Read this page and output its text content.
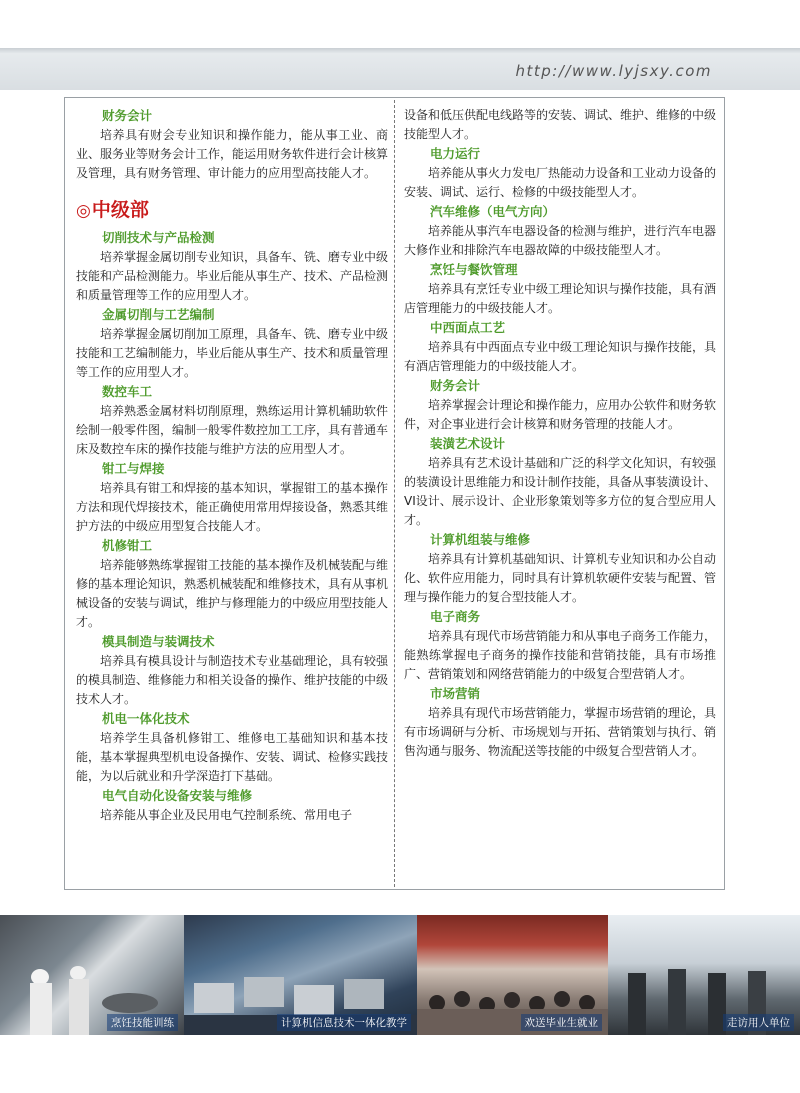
http://www.lyjsxy.com
财务会计
培养具有财会专业知识和操作能力，能从事工业、商业、服务业等财务会计工作，能运用财务软件进行会计核算及管理，具有财务管理、审计能力的应用型高技能人才。
◎中级部
切削技术与产品检测
培养掌握金属切削专业知识，具备车、铣、磨专业中级技能和产品检测能力。毕业后能从事生产、技术、产品检测和质量管理等工作的应用型人才。
金属切削与工艺编制
培养掌握金属切削加工原理，具备车、铣、磨专业中级技能和工艺编制能力，毕业后能从事生产、技术和质量管理等工作的应用型人才。
数控车工
培养熟悉金属材料切削原理，熟练运用计算机辅助软件绘制一般零件图，编制一般零件数控加工工序，具有普通车床及数控车床的操作技能与维护方法的应用型人才。
钳工与焊接
培养具有钳工和焊接的基本知识，掌握钳工的基本操作方法和现代焊接技术，能正确使用常用焊接设备，熟悉其维护方法的中级应用型复合技能人才。
机修钳工
培养能够熟练掌握钳工技能的基本操作及机械装配与维修的基本理论知识，熟悉机械装配和维修技术，具有从事机械设备的安装与调试，维护与修理能力的中级应用型技能人才。
模具制造与装调技术
培养具有模具设计与制造技术专业基础理论，具有较强的模具制造、维修能力和相关设备的操作、维护技能的中级技术人才。
机电一体化技术
培养学生具备机修钳工、维修电工基础知识和基本技能，基本掌握典型机电设备操作、安装、调试、检修实践技能，为以后就业和升学深造打下基础。
电气自动化设备安装与维修
培养能从事企业及民用电气控制系统、常用电子
设备和低压供配电线路等的安装、调试、维护、维修的中级技能型人才。
电力运行
培养能从事火力发电厂热能动力设备和工业动力设备的安装、调试、运行、检修的中级技能型人才。
汽车维修（电气方向）
培养能从事汽车电器设备的检测与维护，进行汽车电器大修作业和排除汽车电器故障的中级技能型人才。
烹饪与餐饮管理
培养具有烹饪专业中级工理论知识与操作技能，具有酒店管理能力的中级技能人才。
中西面点工艺
培养具有中西面点专业中级工理论知识与操作技能，具有酒店管理能力的中级技能人才。
财务会计
培养掌握会计理论和操作能力，应用办公软件和财务软件，对企事业进行会计核算和财务管理的技能人才。
装潢艺术设计
培养具有艺术设计基础和广泛的科学文化知识，有较强的装潢设计思维能力和设计制作技能，具备从事装潢设计、VI设计、展示设计、企业形象策划等多方位的复合型应用人才。
计算机组装与维修
培养具有计算机基础知识、计算机专业知识和办公自动化、软件应用能力，同时具有计算机软硬件安装与配置、管理与操作能力的复合型技能人才。
电子商务
培养具有现代市场营销能力和从事电子商务工作能力，能熟练掌握电子商务的操作技能和营销技能，具有市场推广、营销策划和网络营销能力的中级复合型营销人才。
市场营销
培养具有现代市场营销能力，掌握市场营销的理论，具有市场调研与分析、市场规划与开拓、营销策划与执行、销售沟通与服务、物流配送等技能的中级复合型营销人才。
烹饪技能训练	计算机信息技术一体化教学	欢送毕业生就业	走访用人单位
